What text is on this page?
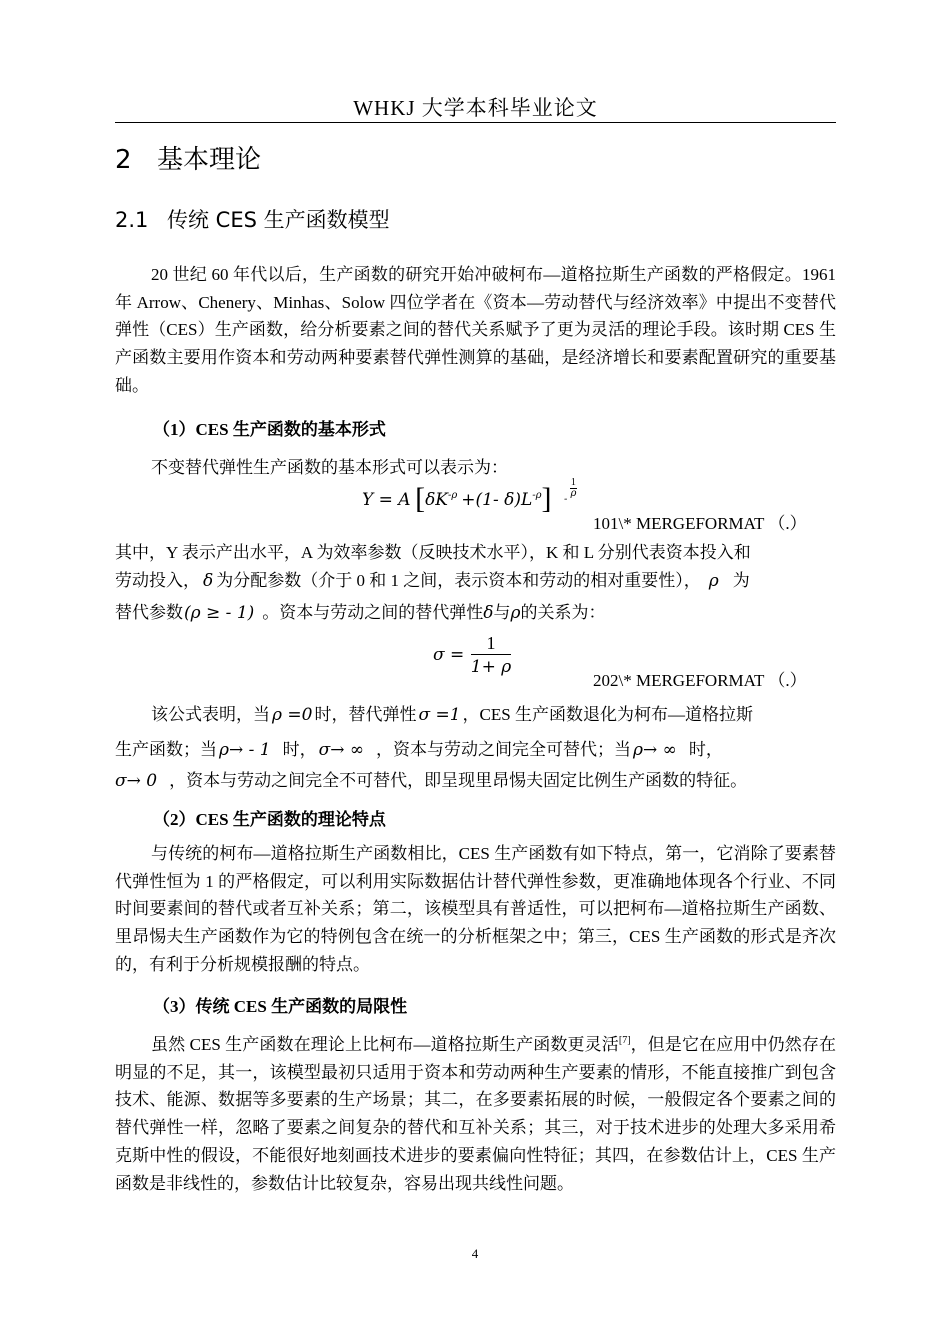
WHKJ 大学本科毕业论文
2 基本理论
2.1 传统 CES 生产函数模型
20 世纪 60 年代以后，生产函数的研究开始冲破柯布—道格拉斯生产函数的严格假定。1961 年 Arrow、Chenery、Minhas、Solow 四位学者在《资本—劳动替代与经济效率》中提出不变替代弹性（CES）生产函数，给分析要素之间的替代关系赋予了更为灵活的理论手段。该时期 CES 生产函数主要用作资本和劳动两种要素替代弹性测算的基础，是经济增长和要素配置研究的重要基础。
（1）CES 生产函数的基本形式
不变替代弹性生产函数的基本形式可以表示为：
Y = A [$\delta K^{-\rho} +(1-$ $\delta)L^{-\rho}$] -
$\frac{1}{\rho}$
101\* MERGEFORMAT （.）
其中，Y 表示产出水平，A 为效率参数（反映技术水平），K 和 L 分别代表资本投入和
劳动投入， δ 为分配参数（介于 0 和 1 之间，表示资本和劳动的相对重要性）， ρ 为
替代参数(ρ ≥ - 1) 。资本与劳动之间的替代弹性δ与ρ的关系为：
$\sigma = \frac{1}{1+ \rho}$
202\* MERGEFORMAT （.）
该公式表明，当 ρ =0 时，替代弹性 σ =1 ，CES 生产函数退化为柯布—道格拉斯
生产函数；当 ρ→ - 1 时， σ→ ∞ ，资本与劳动之间完全可替代；当 ρ→ ∞ 时，
σ→ 0 ，资本与劳动之间完全不可替代，即呈现里昂惕夫固定比例生产函数的特征。
（2）CES 生产函数的理论特点
与传统的柯布—道格拉斯生产函数相比，CES 生产函数有如下特点，第一，它消除了要素替代弹性恒为 1 的严格假定，可以利用实际数据估计替代弹性参数，更准确地体现各个行业、不同时间要素间的替代或者互补关系；第二，该模型具有普适性，可以把柯布—道格拉斯生产函数、里昂惕夫生产函数作为它的特例包含在统一的分析框架之中；第三，CES 生产函数的形式是齐次的，有利于分析规模报酬的特点。
（3）传统 CES 生产函数的局限性
虽然 CES 生产函数在理论上比柯布—道格拉斯生产函数更灵活[7]，但是它在应用中仍然存在明显的不足，其一，该模型最初只适用于资本和劳动两种生产要素的情形，不能直接推广到包含技术、能源、数据等多要素的生产场景；其二，在多要素拓展的时候，一般假定各个要素之间的替代弹性一样，忽略了要素之间复杂的替代和互补关系；其三，对于技术进步的处理大多采用希克斯中性的假设，不能很好地刻画技术进步的要素偏向性特征；其四，在参数估计上，CES 生产函数是非线性的，参数估计比较复杂，容易出现共线性问题。
4
